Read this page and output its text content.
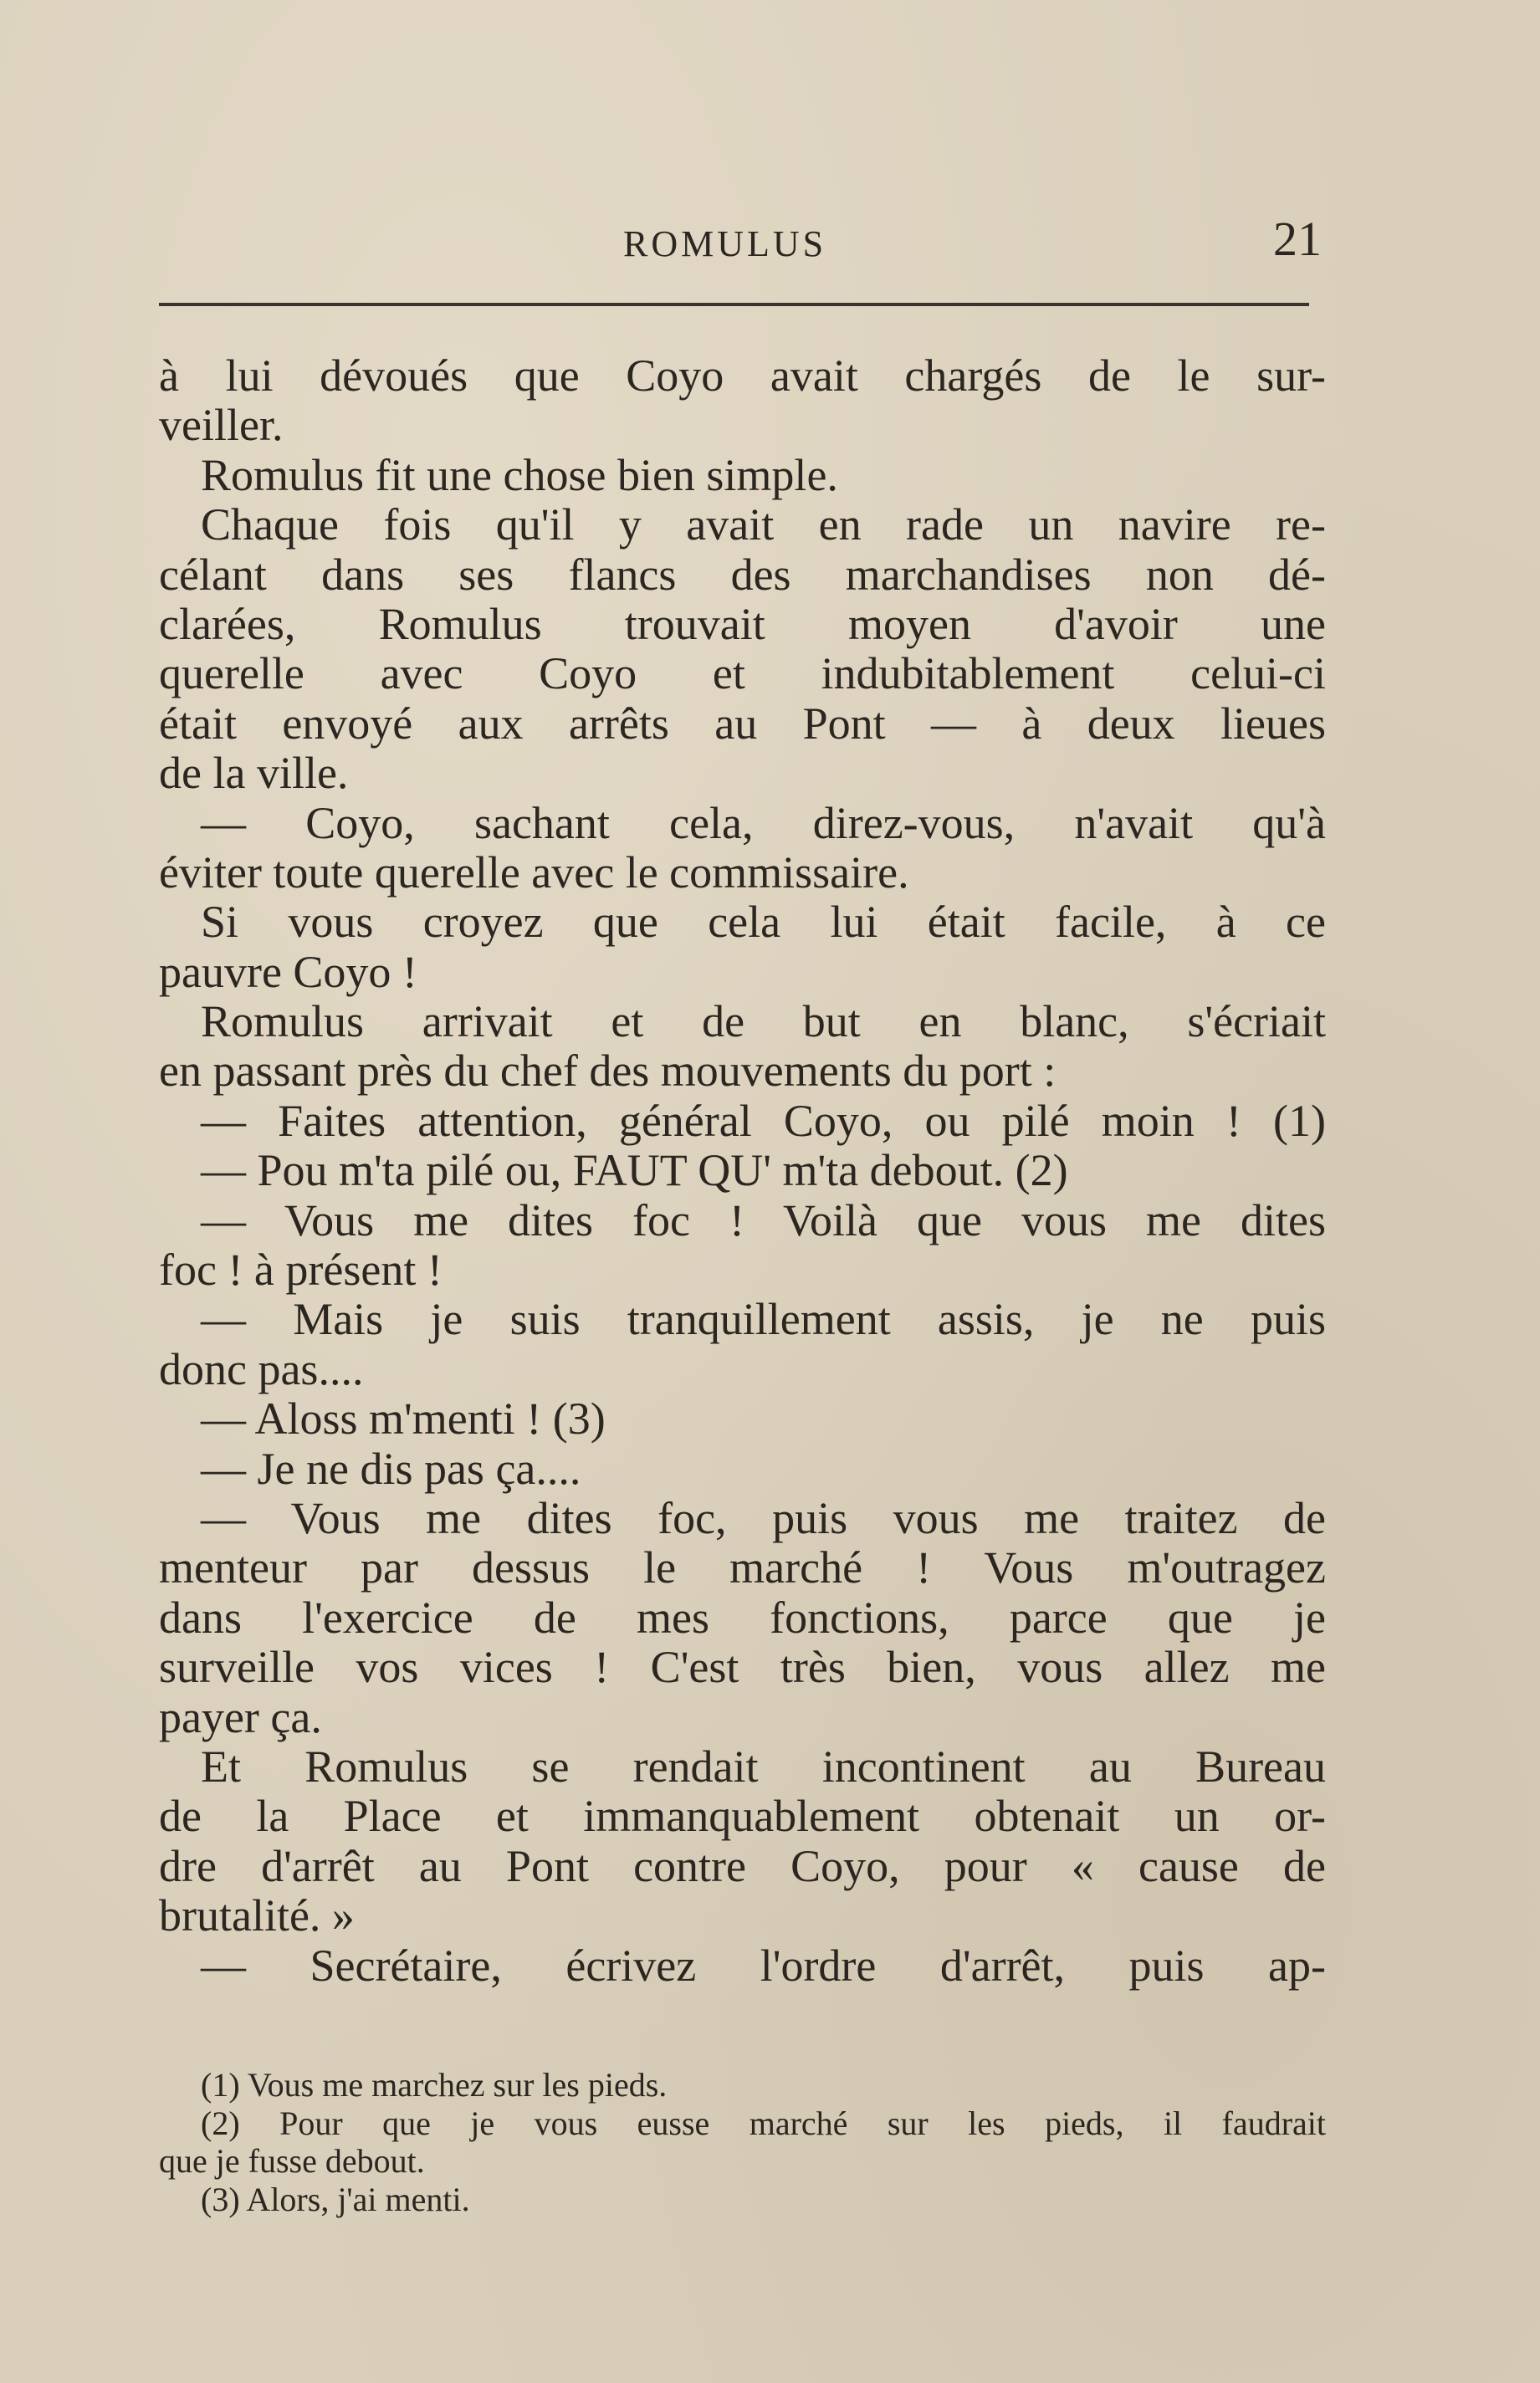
ROMULUS	21
à lui dévoués que Coyo avait chargés de le sur-
veiller.
Romulus fit une chose bien simple.
Chaque fois qu'il y avait en rade un navire re-
célant dans ses flancs des marchandises non dé-
clarées, Romulus trouvait moyen d'avoir une
querelle avec Coyo et indubitablement celui-ci
était envoyé aux arrêts au Pont — à deux lieues
de la ville.
— Coyo, sachant cela, direz-vous, n'avait qu'à
éviter toute querelle avec le commissaire.
Si vous croyez que cela lui était facile, à ce
pauvre Coyo !
Romulus arrivait et de but en blanc, s'écriait
en passant près du chef des mouvements du port :
— Faites attention, général Coyo, ou pilé moin ! (1)
— Pou m'ta pilé ou, FAUT QU' m'ta debout. (2)
— Vous me dites foc ! Voilà que vous me dites
foc ! à présent !
— Mais je suis tranquillement assis, je ne puis
donc pas....
— Aloss m'menti ! (3)
— Je ne dis pas ça....
— Vous me dites foc, puis vous me traitez de
menteur par dessus le marché ! Vous m'outragez
dans l'exercice de mes fonctions, parce que je
surveille vos vices ! C'est très bien, vous allez me
payer ça.
Et Romulus se rendait incontinent au Bureau
de la Place et immanquablement obtenait un or-
dre d'arrêt au Pont contre Coyo, pour « cause de
brutalité. »
— Secrétaire, écrivez l'ordre d'arrêt, puis ap-
(1) Vous me marchez sur les pieds.
(2) Pour que je vous eusse marché sur les pieds, il faudrait
que je fusse debout.
(3) Alors, j'ai menti.
